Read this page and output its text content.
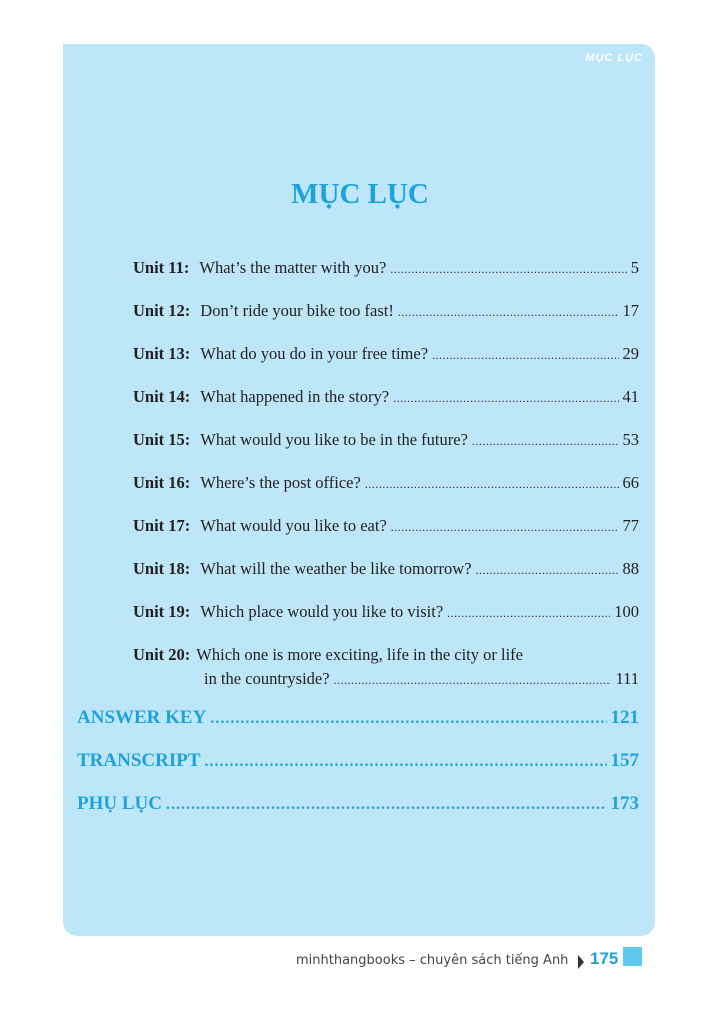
MỤC LỤC
MỤC LỤC
Unit 11: What’s the matter with you? .....	5
Unit 12: Don’t ride your bike too fast! .....	17
Unit 13: What do you do in your free time? .....	29
Unit 14: What happened in the story? .....	41
Unit 15: What would you like to be in the future? .....	53
Unit 16: Where’s the post office? .....	66
Unit 17: What would you like to eat? .....	77
Unit 18: What will the weather be like tomorrow? .....	88
Unit 19: Which place would you like to visit? .....	100
Unit 20: Which one is more exciting, life in the city or life
in the countryside? .....	111
ANSWER KEY .....	121
TRANSCRIPT .....	157
PHỤ LỤC .....	173
minhthangbooks – chuyên sách tiếng Anh 175
